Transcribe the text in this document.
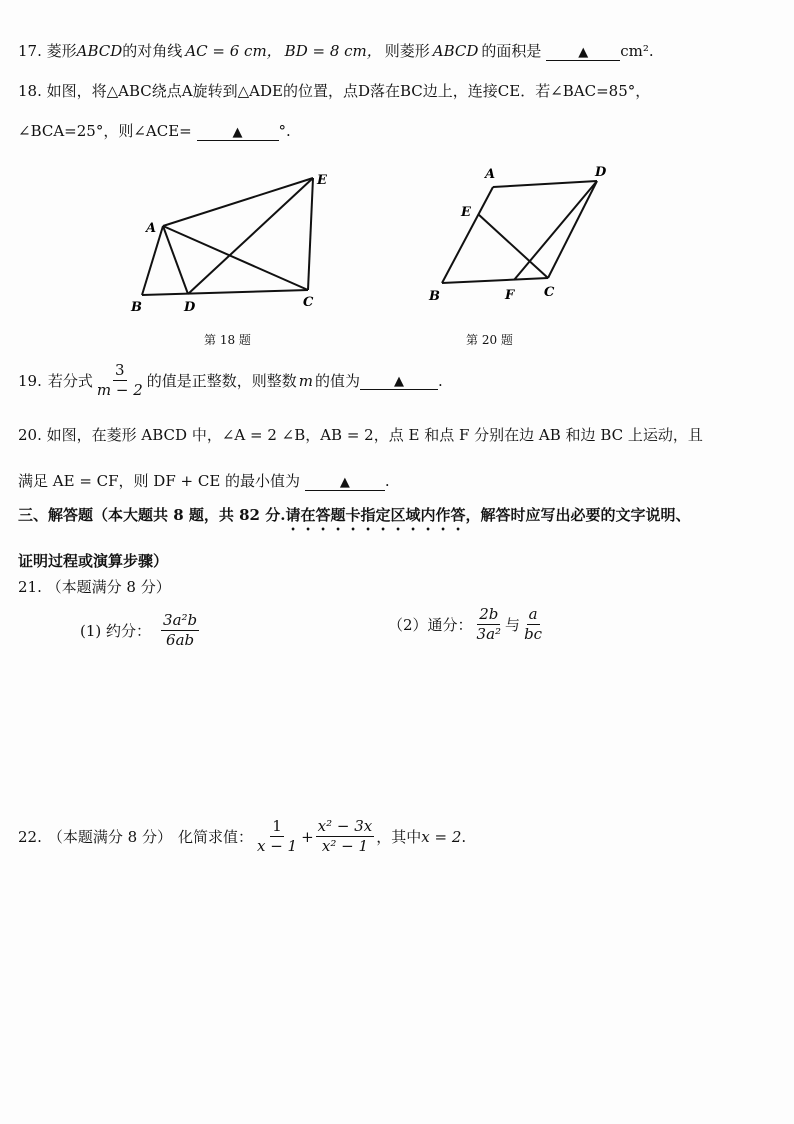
17. 菱形ABCD的对角线 AC = 6 cm， BD = 8 cm， 则菱形 ABCD 的面积是	▲ cm².
18. 如图，将△ABC绕点A旋转到△ADE的位置，点D落在BC边上，连接CE．若∠BAC=85°，
∠BCA=25°，则∠ACE=	▲ °.
A
B	D	C
E
第 18 题
A	D
E
B	F C
第 20 题
19. 若分式 $\frac{3}{m - 2}$ 的值是正整数，则整数 m 的值为	▲	.
20. 如图，在菱形 ABCD 中，∠A = 2 ∠B，AB = 2，点 E 和点 F 分别在边 AB 和边 BC 上运动，且
满足 AE = CF，则 DF + CE 的最小值为	▲ .
三、解答题（本大题共 8 题，共 82 分.请在答题卡指定区域内作答，解答时应写出必要的文字说明、
证明过程或演算步骤）
21. （本题满分 8 分）
(1) 约分： $\frac{\text{3a²b}}{6ab}$	（2）通分： $\frac{2b}{\text{3a²}}$ 与 $\frac{a}{bc}$
22. （本题满分 8 分） 化简求值： $\frac{1}{x - 1} + \frac{\text{x² − 3x}}{\text{x² − 1}}$ ，其中 x = 2 .
